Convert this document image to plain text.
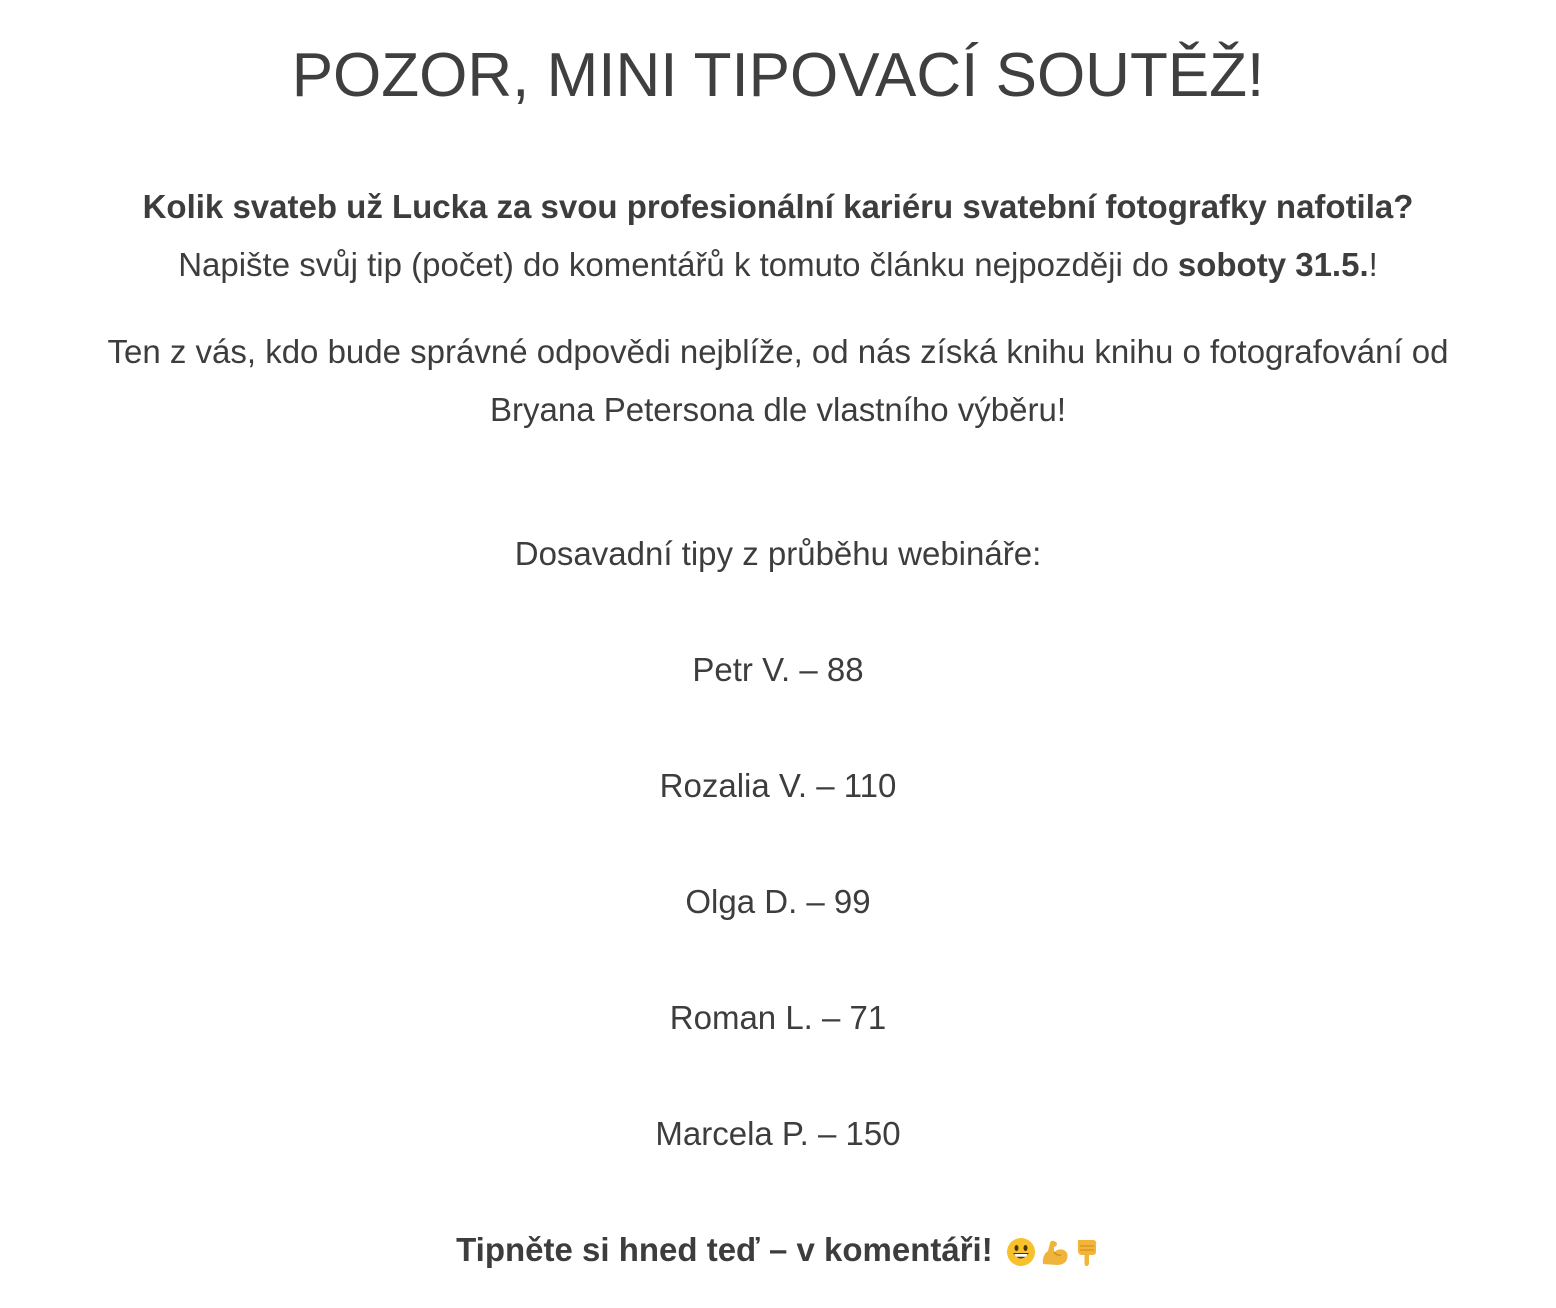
POZOR, MINI TIPOVACÍ SOUTĚŽ!

Kolik svateb už Lucka za svou profesionální kariéru svatební fotografky nafotila?
Napište svůj tip (počet) do komentářů k tomuto článku nejpozději do soboty 31.5.!

Ten z vás, kdo bude správné odpovědi nejblíže, od nás získá knihu knihu o fotografování od
Bryana Petersona dle vlastního výběru!

Dosavadní tipy z průběhu webináře:

Petr V. – 88

Rozalia V. – 110

Olga D. – 99

Roman L. – 71

Marcela P. – 150

Tipněte si hned teď – v komentáři!
